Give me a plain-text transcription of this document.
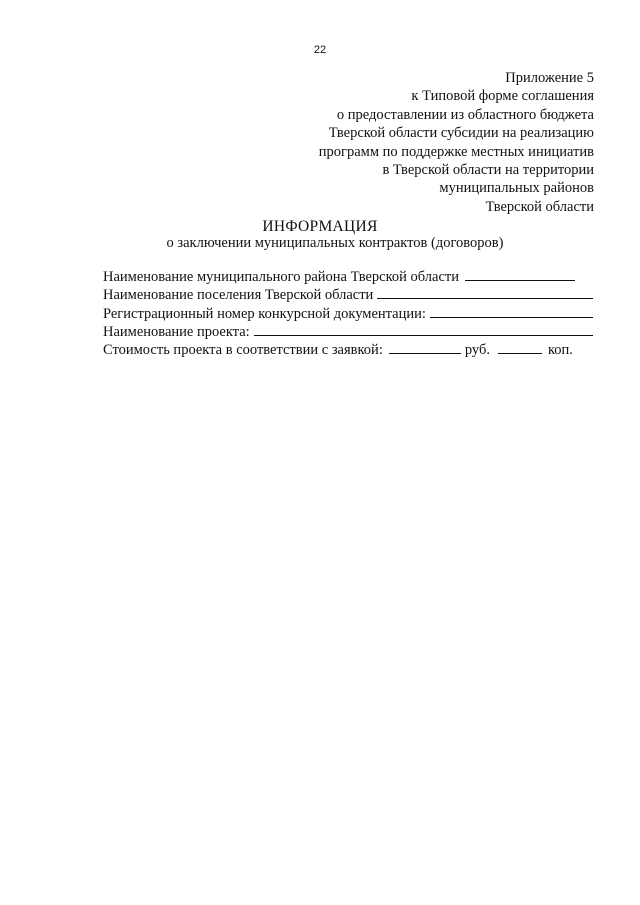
22
Приложение 5
к Типовой форме соглашения
о предоставлении из областного бюджета
Тверской области субсидии на реализацию
программ по поддержке местных инициатив
в Тверской области на территории
муниципальных районов
Тверской области
ИНФОРМАЦИЯ
о заключении муниципальных контрактов (договоров)
Наименование муниципального района Тверской области
Наименование поселения Тверской области
Регистрационный номер конкурсной документации:
Наименование проекта:
Стоимость проекта в соответствии с заявкой:	руб.	коп.
